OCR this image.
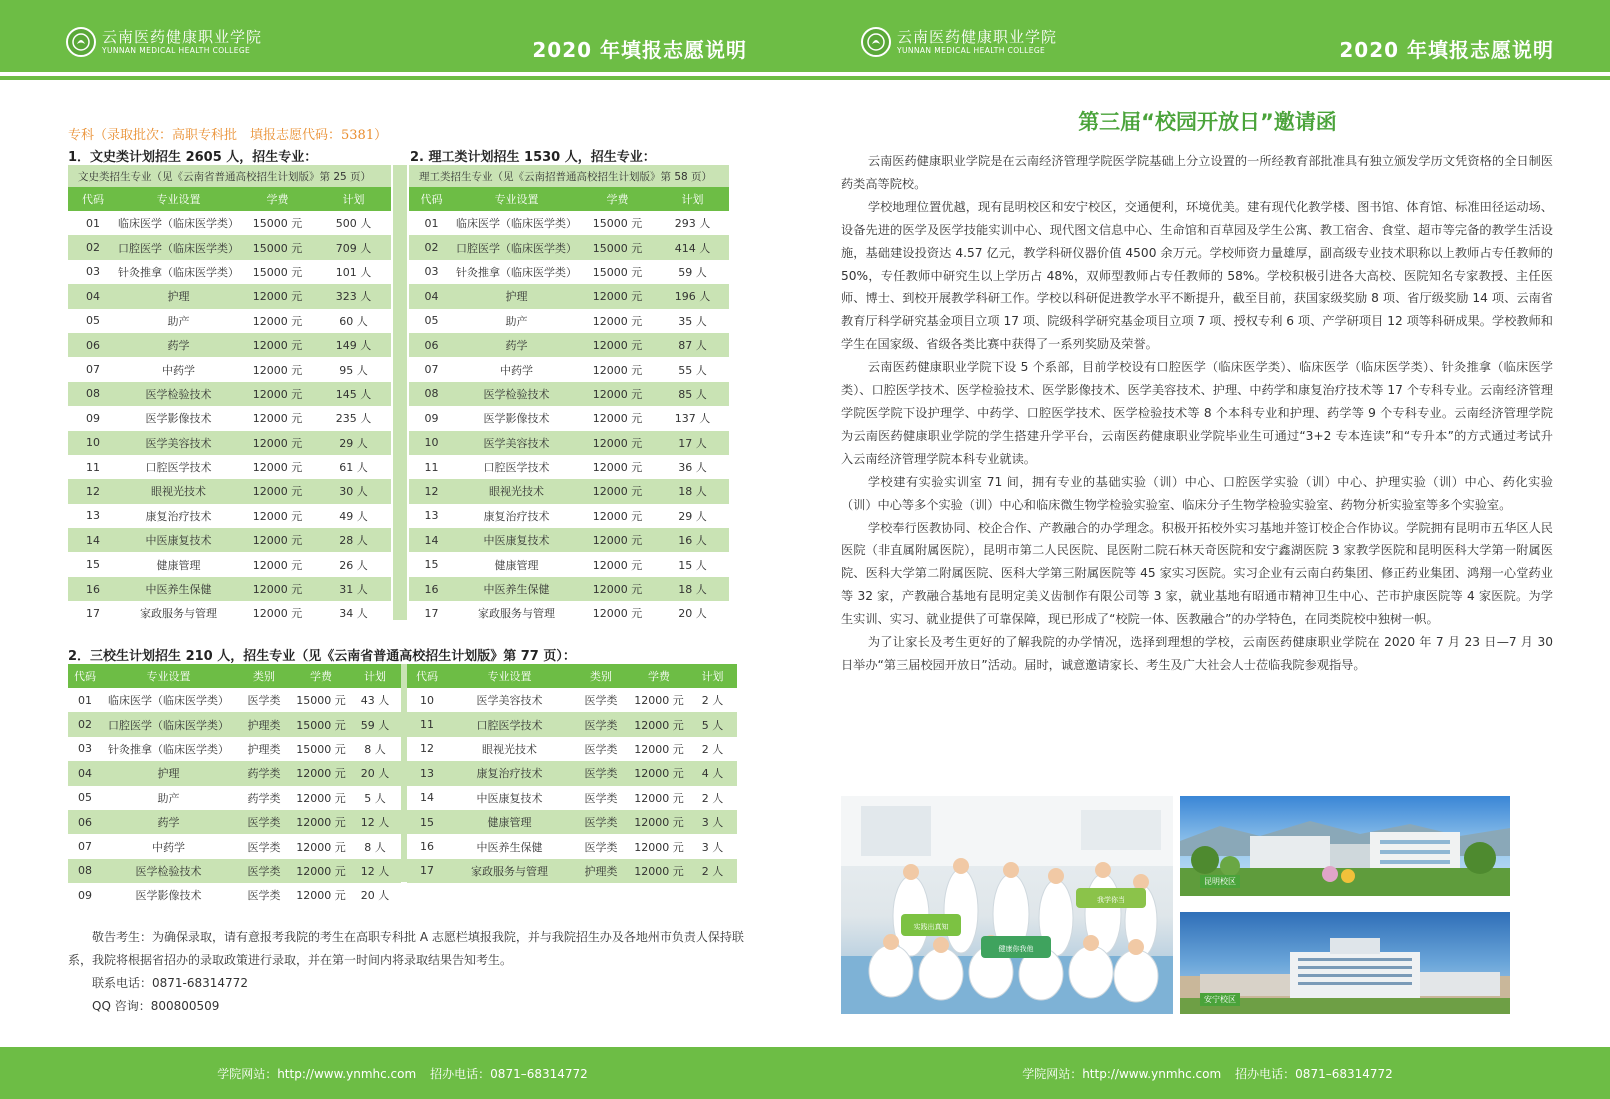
云南医药健康职业学院
YUNNAN MEDICAL HEALTH COLLEGE	2020 年填报志愿说明
专科（录取批次：高职专科批　填报志愿代码：5381）
1．文史类计划招生 2605 人，招生专业：	2. 理工类计划招生 1530 人，招生专业：
文史类招生专业（见《云南省普通高校招生计划版》第 25 页）			
代码	专业设置	学费	计划
01	临床医学（临床医学类）	15000 元	500 人
02	口腔医学（临床医学类）	15000 元	709 人
03	针灸推拿（临床医学类）	15000 元	101 人
04	护理	12000 元	323 人
05	助产	12000 元	60 人
06	药学	12000 元	149 人
07	中药学	12000 元	95 人
08	医学检验技术	12000 元	145 人
09	医学影像技术	12000 元	235 人
10	医学美容技术	12000 元	29 人
11	口腔医学技术	12000 元	61 人
12	眼视光技术	12000 元	30 人
13	康复治疗技术	12000 元	49 人
14	中医康复技术	12000 元	28 人
15	健康管理	12000 元	26 人
16	中医养生保健	12000 元	31 人
17	家政服务与管理	12000 元	34 人
理工类招生专业（见《云南招普通高校招生计划版》第 58 页）			
代码	专业设置	学费	计划
01	临床医学（临床医学类）	15000 元	293 人
02	口腔医学（临床医学类）	15000 元	414 人
03	针灸推拿（临床医学类）	15000 元	59 人
04	护理	12000 元	196 人
05	助产	12000 元	35 人
06	药学	12000 元	87 人
07	中药学	12000 元	55 人
08	医学检验技术	12000 元	85 人
09	医学影像技术	12000 元	137 人
10	医学美容技术	12000 元	17 人
11	口腔医学技术	12000 元	36 人
12	眼视光技术	12000 元	18 人
13	康复治疗技术	12000 元	29 人
14	中医康复技术	12000 元	16 人
15	健康管理	12000 元	15 人
16	中医养生保健	12000 元	18 人
17	家政服务与管理	12000 元	20 人
2．三校生计划招生 210 人，招生专业（见《云南省普通高校招生计划版》第 77 页）：
代码	专业设置	类别	学费	计划
01	临床医学（临床医学类）	医学类	15000 元	43 人
02	口腔医学（临床医学类）	护理类	15000 元	59 人
03	针灸推拿（临床医学类）	护理类	15000 元	8 人
04	护理	药学类	12000 元	20 人
05	助产	药学类	12000 元	5 人
06	药学	医学类	12000 元	12 人
07	中药学	医学类	12000 元	8 人
08	医学检验技术	医学类	12000 元	12 人
09	医学影像技术	医学类	12000 元	20 人
代码	专业设置	类别	学费	计划
10	医学美容技术	医学类	12000 元	2 人
11	口腔医学技术	医学类	12000 元	5 人
12	眼视光技术	医学类	12000 元	2 人
13	康复治疗技术	医学类	12000 元	4 人
14	中医康复技术	医学类	12000 元	2 人
15	健康管理	医学类	12000 元	3 人
16	中医养生保健	医学类	12000 元	3 人
17	家政服务与管理	护理类	12000 元	2 人

敬告考生：为确保录取，请有意报考我院的考生在高职专科批 A 志愿栏填报我院，并与我院招生办及各地州市负责人保持联系，我院将根据省招办的录取政策进行录取，并在第一时间内将录取结果告知考生。

联系电话：0871-68314772
QQ 咨询：800800509
学院网站：http://www.ynmhc.com 招办电话：0871–68314772
云南医药健康职业学院
YUNNAN MEDICAL HEALTH COLLEGE	2020 年填报志愿说明

云南医药健康职业学院是在云南经济管理学院医学院基础上分立设置的一所经教育部批准具有独立颁发学历文凭资格的全日制医药类高等院校。

学校地理位置优越，现有昆明校区和安宁校区，交通便利，环境优美。建有现代化教学楼、图书馆、体育馆、标准田径运动场、设备先进的医学及医学技能实训中心、现代图文信息中心、生命馆和百草园及学生公寓、教工宿舍、食堂、超市等完备的教学生活设施，基础建设投资达 4.57 亿元，教学科研仪器价值 4500 余万元。学校师资力量雄厚，副高级专业技术职称以上教师占专任教师的 50%，专任教师中研究生以上学历占 48%，双师型教师占专任教师的 58%。学校积极引进各大高校、医院知名专家教授、主任医师、博士、到校开展教学科研工作。学校以科研促进教学水平不断提升，截至目前，获国家级奖励 8 项、省厅级奖励 14 项、云南省教育厅科学研究基金项目立项 17 项、院级科学研究基金项目立项 7 项、授权专利 6 项、产学研项目 12 项等科研成果。学校教师和学生在国家级、省级各类比赛中获得了一系列奖励及荣誉。

云南医药健康职业学院下设 5 个系部，目前学校设有口腔医学（临床医学类）、临床医学（临床医学类）、针灸推拿（临床医学类）、口腔医学技术、医学检验技术、医学影像技术、医学美容技术、护理、中药学和康复治疗技术等 17 个专科专业。云南经济管理学院医学院下设护理学、中药学、口腔医学技术、医学检验技术等 8 个本科专业和护理、药学等 9 个专科专业。云南经济管理学院为云南医药健康职业学院的学生搭建升学平台，云南医药健康职业学院毕业生可通过“3+2 专本连读”和“专升本”的方式通过考试升入云南经济管理学院本科专业就读。

学校建有实验实训室 71 间，拥有专业的基础实验（训）中心、口腔医学实验（训）中心、护理实验（训）中心、药化实验（训）中心等多个实验（训）中心和临床微生物学检验实验室、临床分子生物学检验实验室、药物分析实验室等多个实验室。

学校奉行医教协同、校企合作、产教融合的办学理念。积极开拓校外实习基地并签订校企合作协议。学院拥有昆明市五华区人民医院（非直属附属医院），昆明市第二人民医院、昆医附二院石林天奇医院和安宁鑫湖医院 3 家教学医院和昆明医科大学第一附属医院、医科大学第二附属医院、医科大学第三附属医院等 45 家实习医院。实习企业有云南白药集团、修正药业集团、鸿翔一心堂药业等 32 家，产教融合基地有昆明定美义齿制作有限公司等 3 家，就业基地有昭通市精神卫生中心、芒市护康医院等 4 家医院。为学生实训、实习、就业提供了可靠保障，现已形成了“校院一体、医教融合”的办学特色，在同类院校中独树一帜。

为了让家长及考生更好的了解我院的办学情况，选择到理想的学校，云南医药健康职业学院在 2020 年 7 月 23 日—7 月 30 日举办“第三届校园开放日”活动。届时，诚意邀请家长、考生及广大社会人士莅临我院参观指导。

实践出真知
健康你我他
我学你当
昆明校区
安宁校区
学院网站：http://www.ynmhc.com 招办电话：0871–68314772
第三届“校园开放日”邀请函
